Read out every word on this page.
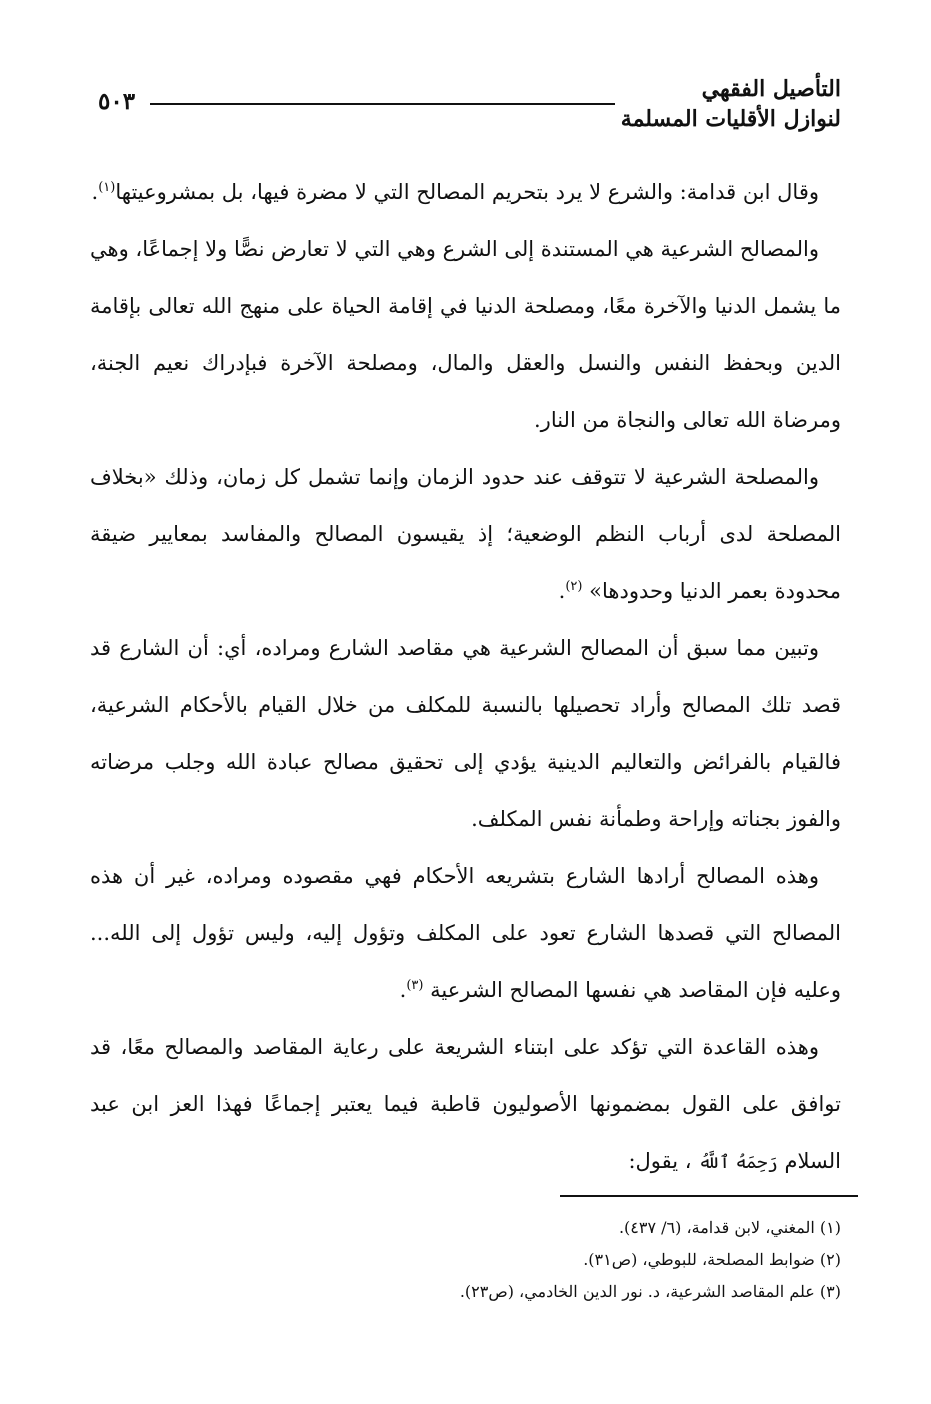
التأصيل الفقهي
لنوازل الأقليات المسلمة
٥٠٣

وقال ابن قدامة: والشرع لا يرد بتحريم المصالح التي لا مضرة فيها، بل بمشروعيتها$^{(١)}$.

والمصالح الشرعية هي المستندة إلى الشرع وهي التي لا تعارض نصًّا ولا إجماعًا، وهي ما يشمل الدنيا والآخرة معًا، ومصلحة الدنيا في إقامة الحياة على منهج الله تعالى بإقامة الدين وبحفظ النفس والنسل والعقل والمال، ومصلحة الآخرة فبإدراك نعيم الجنة، ومرضاة الله تعالى والنجاة من النار.

والمصلحة الشرعية لا تتوقف عند حدود الزمان وإنما تشمل كل زمان، وذلك «بخلاف المصلحة لدى أرباب النظم الوضعية؛ إذ يقيسون المصالح والمفاسد بمعايير ضيقة محدودة بعمر الدنيا وحدودها» $^{(٢)}$.

وتبين مما سبق أن المصالح الشرعية هي مقاصد الشارع ومراده، أي: أن الشارع قد قصد تلك المصالح وأراد تحصيلها بالنسبة للمكلف من خلال القيام بالأحكام الشرعية، فالقيام بالفرائض والتعاليم الدينية يؤدي إلى تحقيق مصالح عبادة الله وجلب مرضاته والفوز بجناته وإراحة وطمأنة نفس المكلف.

وهذه المصالح أرادها الشارع بتشريعه الأحكام فهي مقصوده ومراده، غير أن هذه المصالح التي قصدها الشارع تعود على المكلف وتؤول إليه، وليس تؤول إلى الله... وعليه فإن المقاصد هي نفسها المصالح الشرعية $^{(٣)}$.

وهذه القاعدة التي تؤكد على ابتناء الشريعة على رعاية المقاصد والمصالح معًا، قد توافق على القول بمضمونها الأصوليون قاطبة فيما يعتبر إجماعًا فهذا العز ابن عبد السلام رَحِمَهُ ٱللَّهُ ، يقول:

(١) المغني، لابن قدامة، (٦/ ٤٣٧).
(٢) ضوابط المصلحة، للبوطي، (ص٣١).
(٣) علم المقاصد الشرعية، د. نور الدين الخادمي، (ص٢٣).
